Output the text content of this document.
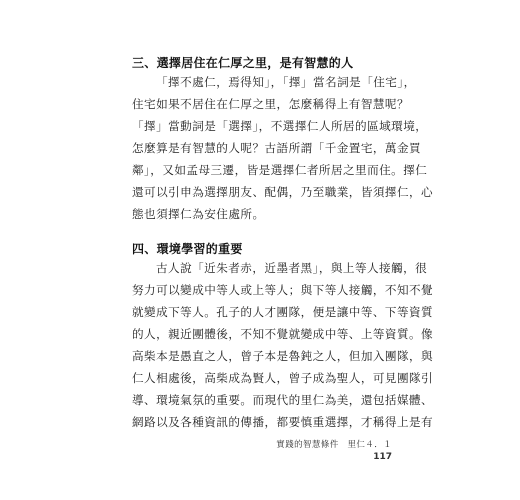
三、選擇居住在仁厚之里，是有智慧的人
「擇不處仁，焉得知」，「擇」當名詞是「住宅」，
住宅如果不居住在仁厚之里，怎麼稱得上有智慧呢？
「擇」當動詞是「選擇」，不選擇仁人所居的區域環境，
怎麼算是有智慧的人呢？古語所謂「千金置宅，萬金買
鄰」，又如孟母三遷，皆是選擇仁者所居之里而住。擇仁
還可以引申為選擇朋友、配偶，乃至職業，皆須擇仁，心
態也須擇仁為安住處所。
四、環境學習的重要
古人說「近朱者赤，近墨者黑」，與上等人接觸，很
努力可以變成中等人或上等人；與下等人接觸，不知不覺
就變成下等人。孔子的人才團隊，便是讓中等、下等資質
的人，親近團體後，不知不覺就變成中等、上等資質。像
高柴本是愚直之人，曾子本是魯鈍之人，但加入團隊，與
仁人相處後，高柴成為賢人，曾子成為聖人，可見團隊引
導、環境氣氛的重要。而現代的里仁為美，還包括媒體、
網路以及各種資訊的傳播，都要慎重選擇，才稱得上是有
實踐的智慧條件　里仁４．１
117
